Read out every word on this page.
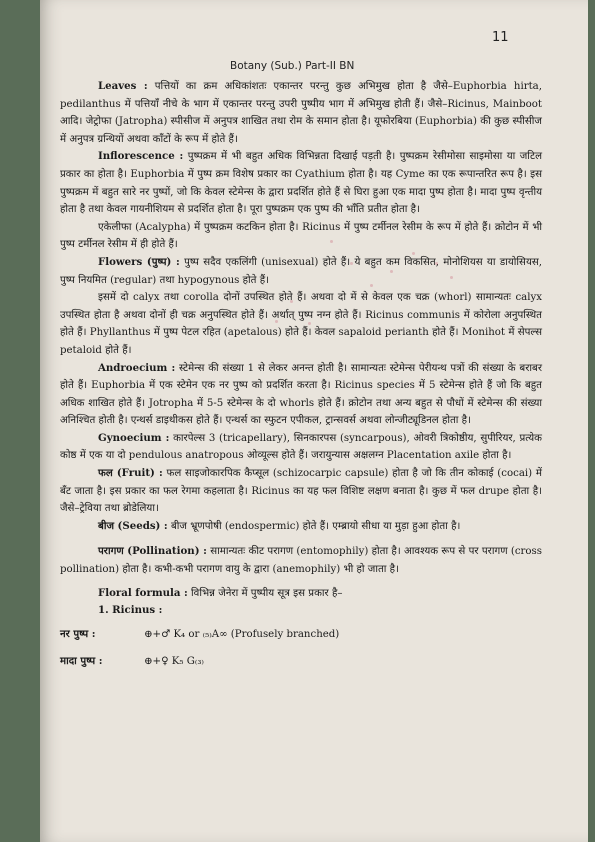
11
Botany (Sub.) Part-II BN

Leaves : पत्तियों का क्रम अधिकांशतः एकान्तर परन्तु कुछ अभिमुख होता है जैसे–Euphorbia hirta, pedilanthus में पत्तियाँ नीचे के भाग में एकान्तर परन्तु उपरी पुष्पीय भाग में अभिमुख होती हैं। जैसे–Ricinus, Mainboot आदि। जेट्रोफा (Jatropha) स्पीसीज में अनुपत्र शाखित तथा रोम के समान होता है। यूफोरबिया (Euphorbia) की कुछ स्पीसीज में अनुपत्र ग्रन्थियों अथवा काँटों के रूप में होते हैं।

Inflorescence : पुष्पक्रम में भी बहुत अधिक विभिन्नता दिखाई पड़ती है। पुष्पक्रम रेसीमोसा साइमोसा या जटिल प्रकार का होता है। Euphorbia में पुष्प क्रम विशेष प्रकार का Cyathium होता है। यह Cyme का एक रूपान्तरित रूप है। इस पुष्पक्रम में बहुत सारे नर पुष्पों, जो कि केवल स्टेमेन्स के द्वारा प्रदर्शित होते हैं से घिरा हुआ एक मादा पुष्प होता है। मादा पुष्प वृन्तीय होता है तथा केवल गायनीशियम से प्रदर्शित होता है। पूरा पुष्पक्रम एक पुष्प की भाँति प्रतीत होता है।

एकेलीफा (Acalypha) में पुष्पक्रम कटकिन होता है। Ricinus में पुष्प टर्मीनल रेसीम के रूप में होते हैं। क्रोटोन में भी पुष्प टर्मीनल रेसीम में ही होते हैं।

Flowers (पुष्प) : पुष्प सदैव एकलिंगी (unisexual) होते हैं। ये बहुत कम विकसित, मोनोशियस या डायोसियस, पुष्प नियमित (regular) तथा hypogynous होते हैं।

इसमें दो calyx तथा corolla दोनों उपस्थित होते हैं। अथवा दो में से केवल एक चक्र (whorl) सामान्यतः calyx उपस्थित होता है अथवा दोनों ही चक्र अनुपस्थित होते हैं। अर्थात् पुष्प नग्न होते हैं। Ricinus communis में कोरोला अनुपस्थित होते हैं। Phyllanthus में पुष्प पेटल रहित (apetalous) होते हैं। केवल sapaloid perianth होते हैं। Monihot में सेपल्स petaloid होते हैं।

Androecium : स्टेमेन्स की संख्या 1 से लेकर अनन्त होती है। सामान्यतः स्टेमेन्स पेरीयन्थ पत्रों की संख्या के बराबर होते हैं। Euphorbia में एक स्टेमेन एक नर पुष्प को प्रदर्शित करता है। Ricinus species में 5 स्टेमेन्स होते हैं जो कि बहुत अधिक शाखित होते हैं। Jotropha में 5-5 स्टेमेन्स के दो whorls होते हैं। क्रोटोन तथा अन्य बहुत से पौधों में स्टेमेन्स की संख्या अनिश्चित होती है। एन्थर्स डाइथीकस होते हैं। एन्थर्स का स्फुटन एपीकल, ट्रान्सवर्स अथवा लोन्जीट्यूडिनल होता है।

Gynoecium : कारपेल्स 3 (tricapellary), सिनकारपस (syncarpous), ओवरी त्रिकोष्ठीय, सुपीरियर, प्रत्येक कोष्ठ में एक या दो pendulous anatropous ओव्यूल्स होते हैं। जरायुन्यास अक्षलग्न Placentation axile होता है।

फल (Fruit) : फल साइजोकारपिक कैप्सूल (schizocarpic capsule) होता है जो कि तीन कोकाई (cocai) में बँट जाता है। इस प्रकार का फल रेगमा कहलाता है। Ricinus का यह फल विशिष्ट लक्षण बनाता है। कुछ में फल drupe होता है। जैसे–ट्रेविया तथा ब्रोडेलिया।

बीज (Seeds) : बीज भ्रूणपोषी (endospermic) होते हैं। एम्ब्रायो सीधा या मुड़ा हुआ होता है।

परागण (Pollination) : सामान्यतः कीट परागण (entomophily) होता है। आवश्यक रूप से पर परागण (cross pollination) होता है। कभी-कभी परागण वायु के द्वारा (anemophily) भी हो जाता है।

Floral formula : विभिन्न जेनेरा में पुष्पीय सूत्र इस प्रकार है–

1. Ricinus :

नर पुष्प :	⊕+♂ K₄ or ₍₅₎A∞ (Profusely branched)

मादा पुष्प :	⊕+♀ K₅ G₍₃₎
